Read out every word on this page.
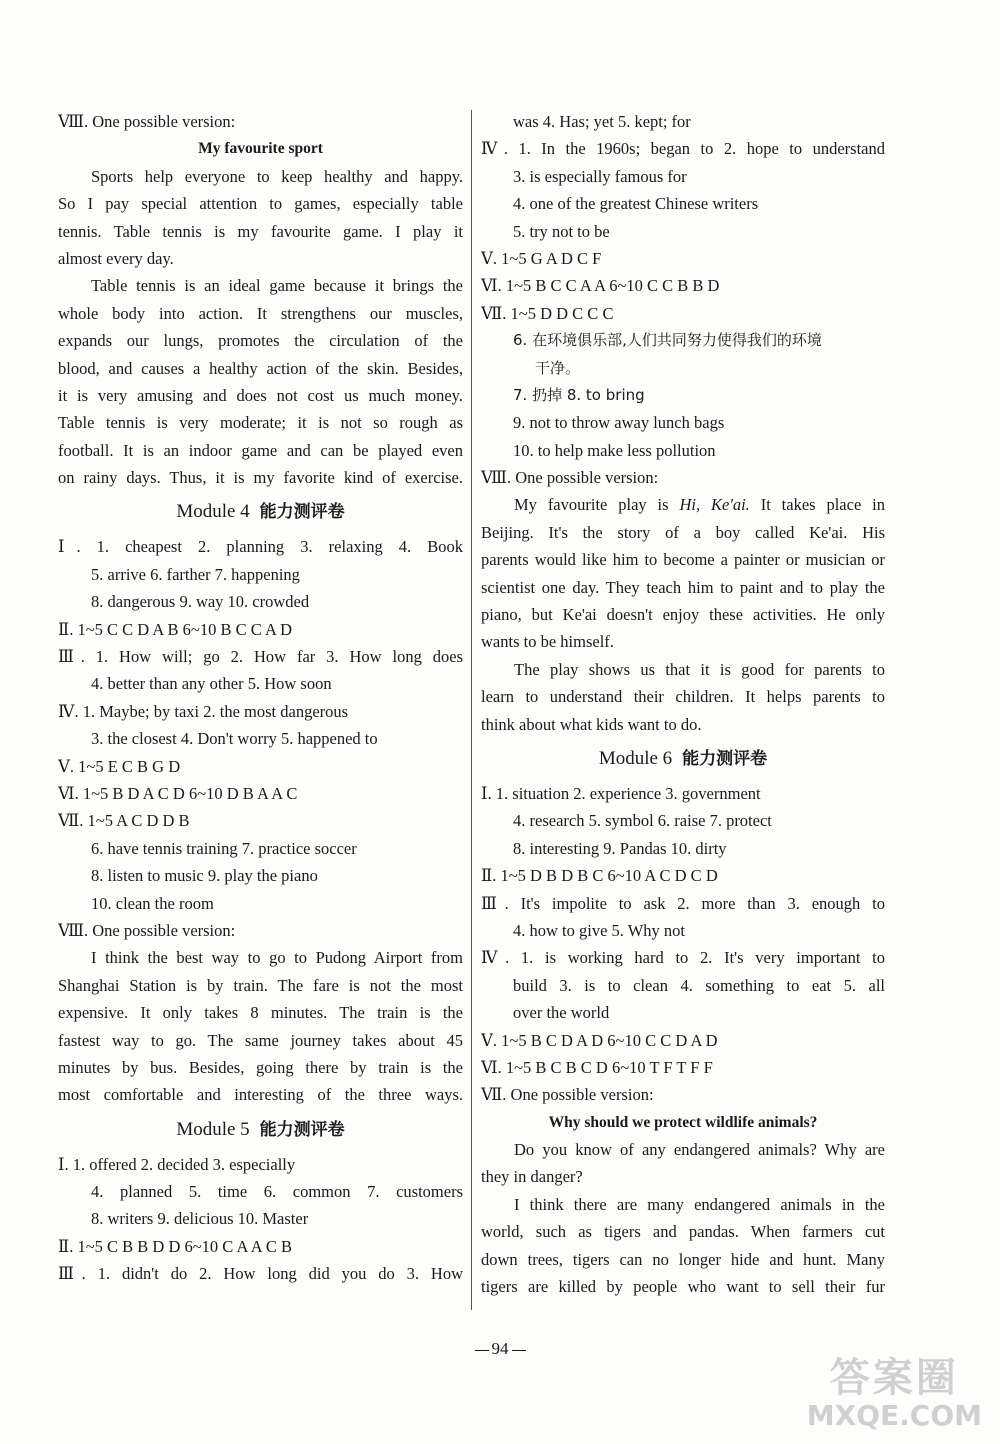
Ⅷ. One possible version:
My favourite sport
Sports help everyone to keep healthy and happy.
So I pay special attention to games, especially table
tennis. Table tennis is my favourite game. I play it
almost every day.
Table tennis is an ideal game because it brings the
whole body into action. It strengthens our muscles,
expands our lungs, promotes the circulation of the
blood, and causes a healthy action of the skin. Besides,
it is very amusing and does not cost us much money.
Table tennis is very moderate; it is not so rough as
football. It is an indoor game and can be played even
on rainy days. Thus, it is my favorite kind of exercise.
Module 4 能力测评卷
Ⅰ. 1. cheapest 2. planning 3. relaxing 4. Book
5. arrive 6. farther 7. happening
8. dangerous 9. way 10. crowded
Ⅱ. 1~5 C C D A B 6~10 B C C A D
Ⅲ. 1. How will; go 2. How far 3. How long does
4. better than any other 5. How soon
Ⅳ. 1. Maybe; by taxi 2. the most dangerous
3. the closest 4. Don't worry 5. happened to
Ⅴ. 1~5 E C B G D
Ⅵ. 1~5 B D A C D 6~10 D B A A C
Ⅶ. 1~5 A C D D B
6. have tennis training 7. practice soccer
8. listen to music 9. play the piano
10. clean the room
Ⅷ. One possible version:
I think the best way to go to Pudong Airport from
Shanghai Station is by train. The fare is not the most
expensive. It only takes 8 minutes. The train is the
fastest way to go. The same journey takes about 45
minutes by bus. Besides, going there by train is the
most comfortable and interesting of the three ways.
Module 5 能力测评卷
Ⅰ. 1. offered 2. decided 3. especially
4. planned 5. time 6. common 7. customers
8. writers 9. delicious 10. Master
Ⅱ. 1~5 C B B D D 6~10 C A A C B
Ⅲ. 1. didn't do 2. How long did you do 3. How
was 4. Has; yet 5. kept; for
Ⅳ. 1. In the 1960s; began to 2. hope to understand
3. is especially famous for
4. one of the greatest Chinese writers
5. try not to be
Ⅴ. 1~5 G A D C F
Ⅵ. 1~5 B C C A A 6~10 C C B B D
Ⅶ. 1~5 D D C C C
6. 在环境俱乐部,人们共同努力使得我们的环境
干净。
7. 扔掉 8. to bring
9. not to throw away lunch bags
10. to help make less pollution
Ⅷ. One possible version:
My favourite play is Hi, Ke'ai. It takes place in
Beijing. It's the story of a boy called Ke'ai. His
parents would like him to become a painter or musician or
scientist one day. They teach him to paint and to play the
piano, but Ke'ai doesn't enjoy these activities. He only
wants to be himself.
The play shows us that it is good for parents to
learn to understand their children. It helps parents to
think about what kids want to do.
Module 6 能力测评卷
Ⅰ. 1. situation 2. experience 3. government
4. research 5. symbol 6. raise 7. protect
8. interesting 9. Pandas 10. dirty
Ⅱ. 1~5 D B D B C 6~10 A C D C D
Ⅲ. It's impolite to ask 2. more than 3. enough to
4. how to give 5. Why not
Ⅳ. 1. is working hard to 2. It's very important to
build 3. is to clean 4. something to eat 5. all
over the world
Ⅴ. 1~5 B C D A D 6~10 C C D A D
Ⅵ. 1~5 B C B C D 6~10 T F T F F
Ⅶ. One possible version:
Why should we protect wildlife animals?
Do you know of any endangered animals? Why are
they in danger?
I think there are many endangered animals in the
world, such as tigers and pandas. When farmers cut
down trees, tigers can no longer hide and hunt. Many
tigers are killed by people who want to sell their fur
94
答案圈
MXQE.COM
